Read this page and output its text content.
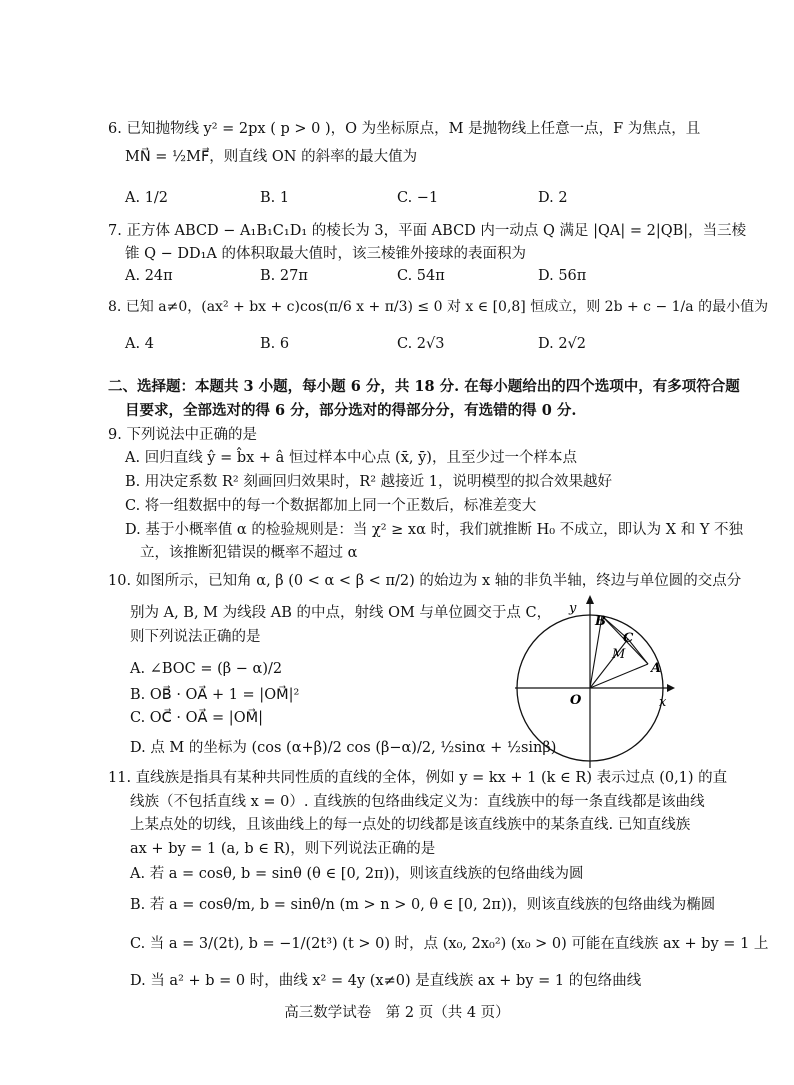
6. 已知抛物线 y² = 2px ( p > 0 )，O 为坐标原点，M 是抛物线上任意一点，F 为焦点，且
MN⃗ = ½MF⃗，则直线 ON 的斜率的最大值为
A. 1/2	B. 1	C. −1	D. 2
7. 正方体 ABCD − A₁B₁C₁D₁ 的棱长为 3，平面 ABCD 内一动点 Q 满足 |QA| = 2|QB|，当三棱
锥 Q − DD₁A 的体积取最大值时，该三棱锥外接球的表面积为
A. 24π	B. 27π	C. 54π	D. 56π
8. 已知 a≠0，(ax² + bx + c)cos(π/6 x + π/3) ≤ 0 对 x ∈ [0,8] 恒成立，则 2b + c − 1/a 的最小值为
A. 4	B. 6	C. 2√3	D. 2√2
二、选择题：本题共 3 小题，每小题 6 分，共 18 分. 在每小题给出的四个选项中，有多项符合题
目要求，全部选对的得 6 分，部分选对的得部分分，有选错的得 0 分.
9. 下列说法中正确的是
A. 回归直线 ŷ = b̂x + â 恒过样本中心点 (x̄, ȳ)，且至少过一个样本点
B. 用决定系数 R² 刻画回归效果时，R² 越接近 1，说明模型的拟合效果越好
C. 将一组数据中的每一个数据都加上同一个正数后，标准差变大
D. 基于小概率值 α 的检验规则是：当 χ² ≥ xα 时，我们就推断 H₀ 不成立，即认为 X 和 Y 不独
立，该推断犯错误的概率不超过 α
10. 如图所示，已知角 α, β (0 < α < β < π/2) 的始边为 x 轴的非负半轴，终边与单位圆的交点分
别为 A, B, M 为线段 AB 的中点，射线 OM 与单位圆交于点 C，
则下列说法正确的是
A. ∠BOC = (β − α)/2
B. OB⃗ · OA⃗ + 1 = |OM⃗|²
C. OC⃗ · OA⃗ = |OM⃗|
D. 点 M 的坐标为 (cos (α+β)/2 cos (β−α)/2, ½sinα + ½sinβ)
y
x
O
A
B
C
M
11. 直线族是指具有某种共同性质的直线的全体，例如 y = kx + 1 (k ∈ R) 表示过点 (0,1) 的直
线族（不包括直线 x = 0）. 直线族的包络曲线定义为：直线族中的每一条直线都是该曲线
上某点处的切线，且该曲线上的每一点处的切线都是该直线族中的某条直线. 已知直线族
ax + by = 1 (a, b ∈ R)，则下列说法正确的是
A. 若 a = cosθ, b = sinθ (θ ∈ [0, 2π))，则该直线族的包络曲线为圆
B. 若 a = cosθ/m, b = sinθ/n (m > n > 0, θ ∈ [0, 2π))，则该直线族的包络曲线为椭圆
C. 当 a = 3/(2t), b = −1/(2t³) (t > 0) 时，点 (x₀, 2x₀²) (x₀ > 0) 可能在直线族 ax + by = 1 上
D. 当 a² + b = 0 时，曲线 x² = 4y (x≠0) 是直线族 ax + by = 1 的包络曲线
高三数学试卷　第 2 页（共 4 页）
